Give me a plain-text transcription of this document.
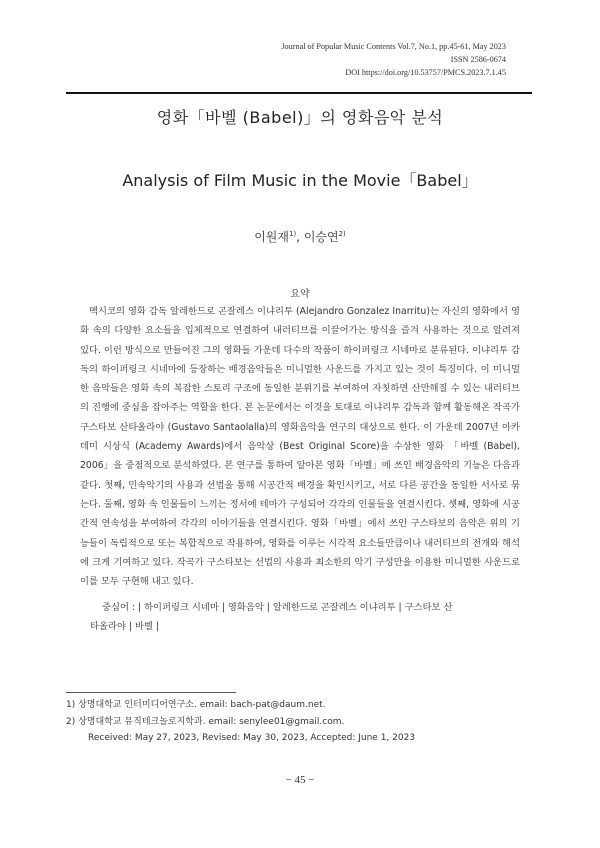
Journal of Popular Music Contents Vol.7, No.1, pp.45-61, May 2023
ISSN 2586-0674
DOI https://doi.org/10.53757/PMCS.2023.7.1.45
영화「바벨 (Babel)」의 영화음악 분석
Analysis of Film Music in the Movie「Babel」
이원재$^{1)}$, 이승연$^{2)}$
요약

멕시코의 영화 감독 알레한드로 곤잘레스 이냐리투 (Alejandro Gonzalez Inarritu)는 자신의 영화에서 영화 속의 다양한 요소들을 입체적으로 연결하여 내러티브를 이끌어가는 방식을 즐겨 사용하는 것으로 알려져 있다. 이런 방식으로 만들어진 그의 영화들 가운데 다수의 작품이 하이퍼링크 시네마로 분류된다. 이냐리투 감독의 하이퍼링크 시네마에 등장하는 배경음악들은 미니멀한 사운드를 가지고 있는 것이 특징이다. 이 미니멀한 음악들은 영화 속의 복잡한 스토리 구조에 동일한 분위기를 부여하여 자칫하면 산만해질 수 있는 내러티브의 진행에 중심을 잡아주는 역할을 한다. 본 논문에서는 이것을 토대로 이냐리투 감독과 함께 활동해온 작곡가 구스타보 산타올라야 (Gustavo Santaolalla)의 영화음악을 연구의 대상으로 한다. 이 가운데 2007년 아카데미 시상식 (Academy Awards)에서 음악상 (Best Original Score)을 수상한 영화 「바벨 (Babel), 2006」을 중점적으로 분석하였다. 본 연구를 통하여 알아본 영화「바벨」에 쓰인 배경음악의 기능은 다음과 같다. 첫째, 민속악기의 사용과 선법을 통해 시공간적 배경을 확인시키고, 서로 다른 공간을 동일한 서사로 묶는다. 둘째, 영화 속 인물들이 느끼는 정서에 테마가 구성되어 각각의 인물들을 연결시킨다. 셋째, 영화에 시공간적 연속성을 부여하여 각각의 이야기들을 연결시킨다. 영화「바벨」에서 쓰인 구스타보의 음악은 위의 기능들이 독립적으로 또는 복합적으로 작용하여, 영화를 이루는 시각적 요소들만큼이나 내러티브의 전개와 해석에 크게 기여하고 있다. 작곡가 구스타보는 선법의 사용과 최소한의 악기 구성만을 이용한 미니멀한 사운드로 이를 모두 구현해 내고 있다.

중심어 : | 하이퍼링크 시네마 | 영화음악 | 알레한드로 곤잘레스 이냐리투 | 구스타보 산
타올라야 | 바벨 |
1) 상명대학교 인터미디어연구소. email: bach-pat@daum.net.
2) 상명대학교 뮤직테크놀로지학과. email: senylee01@gmail.com.
Received: May 27, 2023, Revised: May 30, 2023, Accepted: June 1, 2023
− 45 −
